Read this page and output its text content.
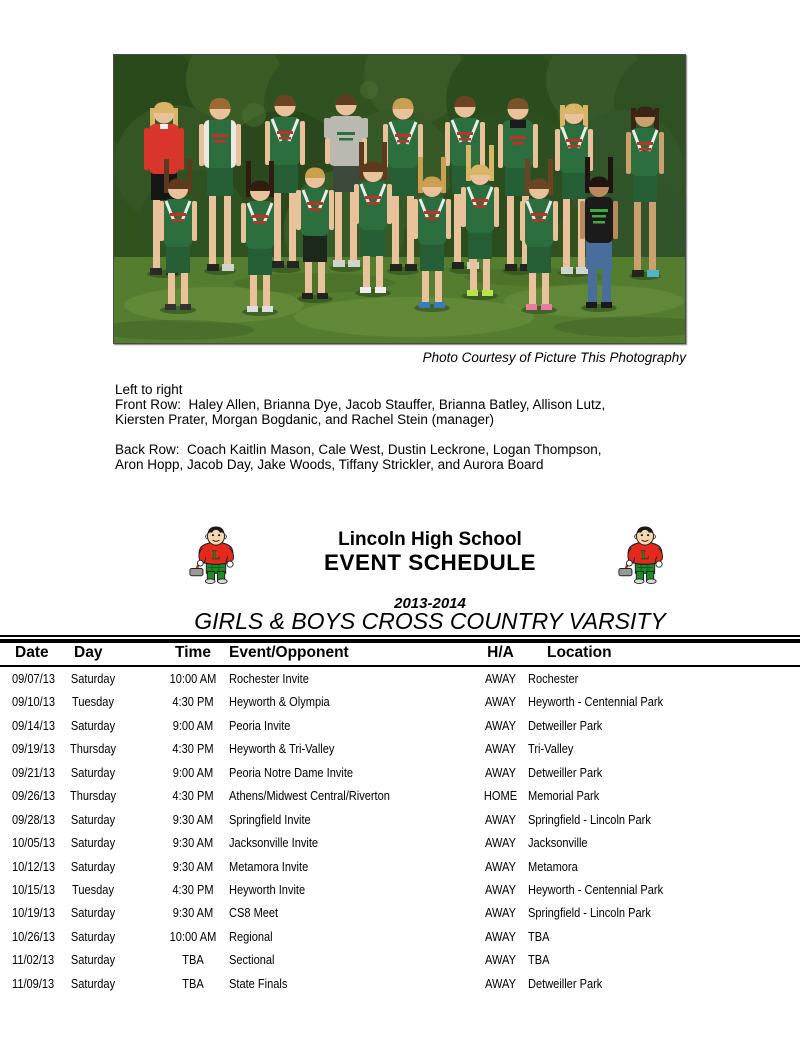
Photo Courtesy of Picture This Photography
Left to right
Front Row:  Haley Allen, Brianna Dye, Jacob Stauffer, Brianna Batley, Allison Lutz,
Kiersten Prater, Morgan Bogdanic, and Rachel Stein (manager)

Back Row:  Coach Kaitlin Mason, Cale West, Dustin Leckrone, Logan Thompson,
Aron Hopp, Jacob Day, Jake Woods, Tiffany Strickler, and Aurora Board
Lincoln High School
EVENT SCHEDULE
2013-2014
GIRLS & BOYS CROSS COUNTRY VARSITY
Date Day	Time	Event/Opponent	H/A	Location
09/07/13 Saturday	10:00 AM Rochester Invite	AWAY Rochester
09/10/13	Tuesday	4:30 PM	Heyworth & Olympia	AWAY Heyworth - Centennial Park
09/14/13 Saturday	9:00 AM	Peoria Invite	AWAY Detweiller Park
09/19/13 Thursday	4:30 PM	Heyworth & Tri-Valley	AWAY Tri-Valley
09/21/13 Saturday	9:00 AM	Peoria Notre Dame Invite	AWAY Detweiller Park
09/26/13 Thursday	4:30 PM	Athens/Midwest Central/Riverton	HOME Memorial Park
09/28/13 Saturday	9:30 AM	Springfield Invite	AWAY Springfield - Lincoln Park
10/05/13 Saturday	9:30 AM	Jacksonville Invite	AWAY Jacksonville
10/12/13 Saturday	9:30 AM	Metamora Invite	AWAY Metamora
10/15/13	Tuesday	4:30 PM	Heyworth Invite	AWAY Heyworth - Centennial Park
10/19/13 Saturday	9:30 AM	CS8 Meet	AWAY Springfield - Lincoln Park
10/26/13 Saturday	10:00 AM Regional	AWAY TBA
11/02/13 Saturday	TBA	Sectional	AWAY TBA
11/09/13 Saturday	TBA	State Finals	AWAY Detweiller Park
